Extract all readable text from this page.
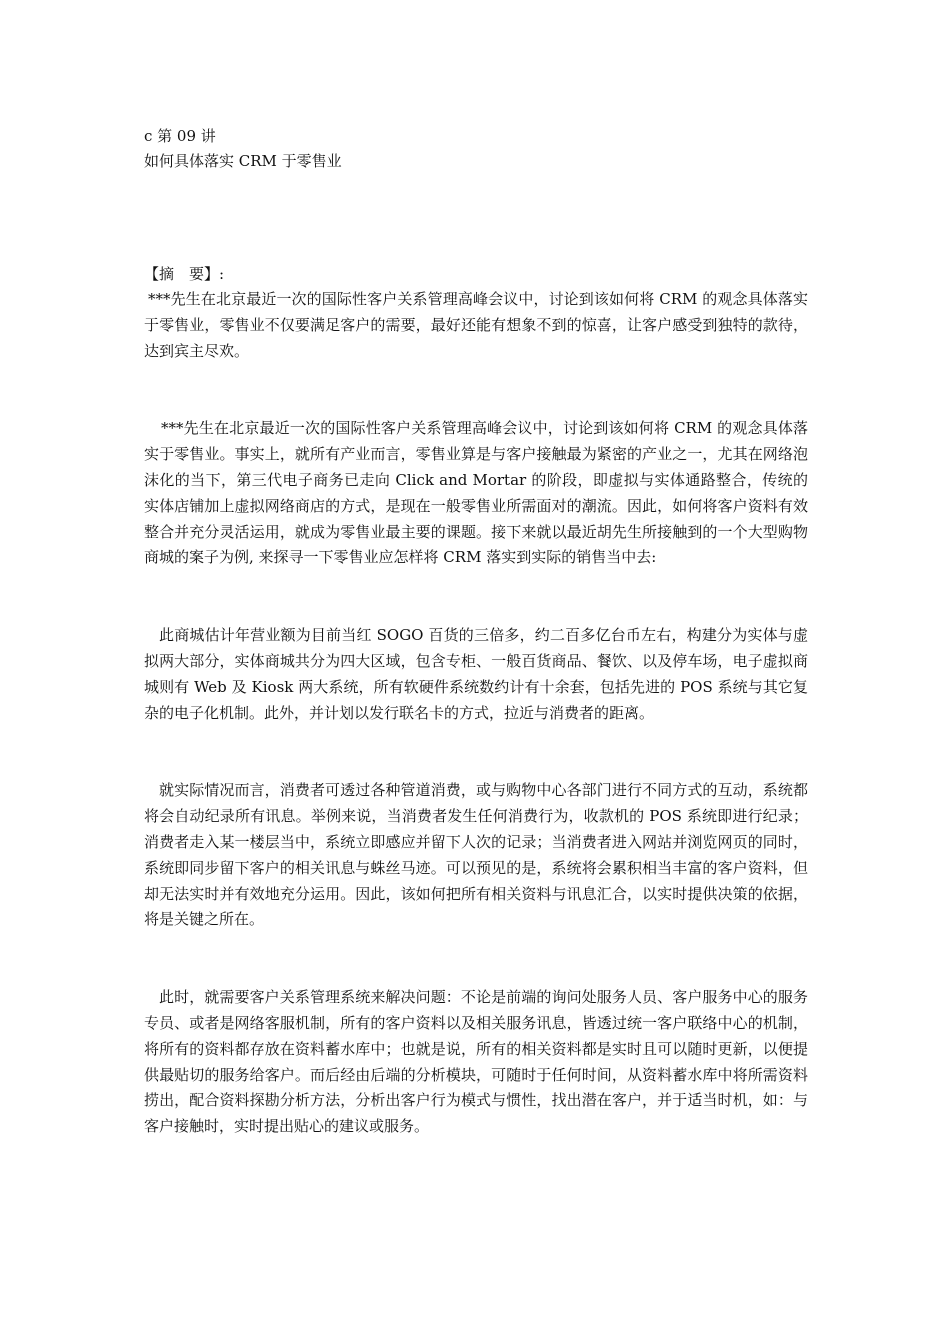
c 第 09 讲
如何具体落实 CRM 于零售业
【摘　要】:

***先生在北京最近一次的国际性客户关系管理高峰会议中，讨论到该如何将 CRM 的观念具体落实于零售业，零售业不仅要满足客户的需要，最好还能有想象不到的惊喜，让客户感受到独特的款待，达到宾主尽欢。

***先生在北京最近一次的国际性客户关系管理高峰会议中，讨论到该如何将 CRM 的观念具体落实于零售业。事实上，就所有产业而言，零售业算是与客户接触最为紧密的产业之一，尤其在网络泡沫化的当下，第三代电子商务已走向 Click and Mortar 的阶段，即虚拟与实体通路整合，传统的实体店铺加上虚拟网络商店的方式，是现在一般零售业所需面对的潮流。因此，如何将客户资料有效整合并充分灵活运用，就成为零售业最主要的课题。接下来就以最近胡先生所接触到的一个大型购物商城的案子为例, 来探寻一下零售业应怎样将 CRM 落实到实际的销售当中去:

此商城估计年营业额为目前当红 SOGO 百货的三倍多，约二百多亿台币左右，构建分为实体与虚拟两大部分，实体商城共分为四大区域，包含专柜、一般百货商品、餐饮、以及停车场，电子虚拟商城则有 Web 及 Kiosk 两大系统，所有软硬件系统数约计有十余套，包括先进的 POS 系统与其它复杂的电子化机制。此外，并计划以发行联名卡的方式，拉近与消费者的距离。

就实际情况而言，消费者可透过各种管道消费，或与购物中心各部门进行不同方式的互动，系统都将会自动纪录所有讯息。举例来说，当消费者发生任何消费行为，收款机的 POS 系统即进行纪录；消费者走入某一楼层当中，系统立即感应并留下人次的记录；当消费者进入网站并浏览网页的同时，系统即同步留下客户的相关讯息与蛛丝马迹。可以预见的是，系统将会累积相当丰富的客户资料，但却无法实时并有效地充分运用。因此，该如何把所有相关资料与讯息汇合，以实时提供决策的依据，将是关键之所在。

此时，就需要客户关系管理系统来解决问题：不论是前端的询问处服务人员、客户服务中心的服务专员、或者是网络客服机制，所有的客户资料以及相关服务讯息，皆透过统一客户联络中心的机制，将所有的资料都存放在资料蓄水库中；也就是说，所有的相关资料都是实时且可以随时更新，以便提供最贴切的服务给客户。而后经由后端的分析模块，可随时于任何时间，从资料蓄水库中将所需资料捞出，配合资料探勘分析方法，分析出客户行为模式与惯性，找出潜在客户，并于适当时机，如：与客户接触时，实时提出贴心的建议或服务。
